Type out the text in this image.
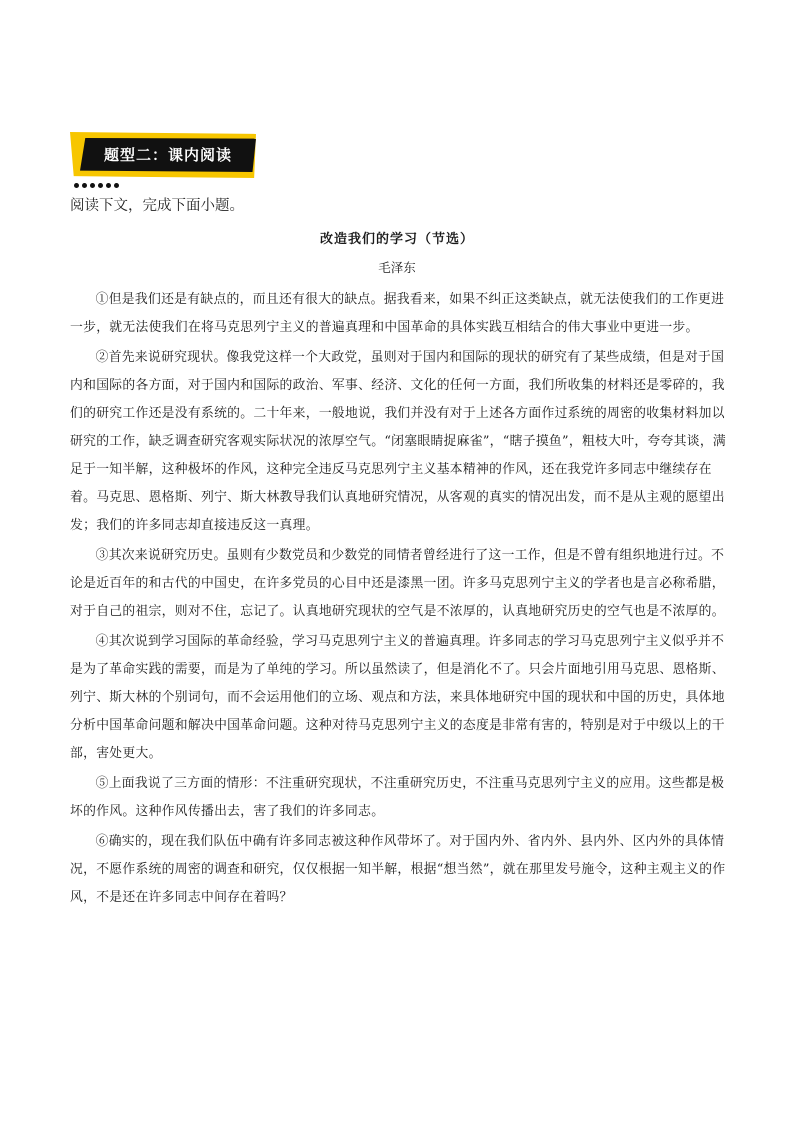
题型二：课内阅读
阅读下文，完成下面小题。
改造我们的学习（节选）
毛泽东

①但是我们还是有缺点的，而且还有很大的缺点。据我看来，如果不纠正这类缺点，就无法使我们的工作更进一步，就无法使我们在将马克思列宁主义的普遍真理和中国革命的具体实践互相结合的伟大事业中更进一步。

②首先来说研究现状。像我党这样一个大政党，虽则对于国内和国际的现状的研究有了某些成绩，但是对于国内和国际的各方面，对于国内和国际的政治、军事、经济、文化的任何一方面，我们所收集的材料还是零碎的，我们的研究工作还是没有系统的。二十年来，一般地说，我们并没有对于上述各方面作过系统的周密的收集材料加以研究的工作，缺乏调查研究客观实际状况的浓厚空气。“闭塞眼睛捉麻雀”，“瞎子摸鱼”，粗枝大叶，夸夸其谈，满足于一知半解，这种极坏的作风，这种完全违反马克思列宁主义基本精神的作风，还在我党许多同志中继续存在着。马克思、恩格斯、列宁、斯大林教导我们认真地研究情况，从客观的真实的情况出发，而不是从主观的愿望出发；我们的许多同志却直接违反这一真理。

③其次来说研究历史。虽则有少数党员和少数党的同情者曾经进行了这一工作，但是不曾有组织地进行过。不论是近百年的和古代的中国史，在许多党员的心目中还是漆黑一团。许多马克思列宁主义的学者也是言必称希腊，对于自己的祖宗，则对不住，忘记了。认真地研究现状的空气是不浓厚的，认真地研究历史的空气也是不浓厚的。

④其次说到学习国际的革命经验，学习马克思列宁主义的普遍真理。许多同志的学习马克思列宁主义似乎并不是为了革命实践的需要，而是为了单纯的学习。所以虽然读了，但是消化不了。只会片面地引用马克思、恩格斯、列宁、斯大林的个别词句，而不会运用他们的立场、观点和方法，来具体地研究中国的现状和中国的历史，具体地分析中国革命问题和解决中国革命问题。这种对待马克思列宁主义的态度是非常有害的，特别是对于中级以上的干部，害处更大。

⑤上面我说了三方面的情形：不注重研究现状，不注重研究历史，不注重马克思列宁主义的应用。这些都是极坏的作风。这种作风传播出去，害了我们的许多同志。

⑥确实的，现在我们队伍中确有许多同志被这种作风带坏了。对于国内外、省内外、县内外、区内外的具体情况，不愿作系统的周密的调查和研究，仅仅根据一知半解，根据“想当然”，就在那里发号施令，这种主观主义的作风，不是还在许多同志中间存在着吗？
